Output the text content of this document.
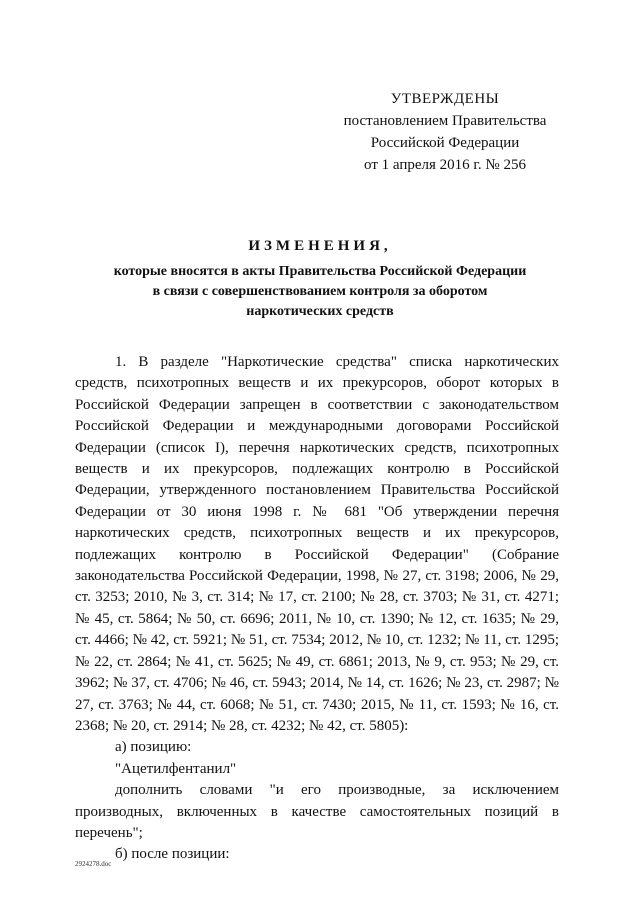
УТВЕРЖДЕНЫ
постановлением Правительства
Российской Федерации
от 1 апреля 2016 г. № 256
ИЗМЕНЕНИЯ,
которые вносятся в акты Правительства Российской Федерации
в связи с совершенствованием контроля за оборотом
наркотических средств

1. В разделе "Наркотические средства" списка наркотических средств, психотропных веществ и их прекурсоров, оборот которых в Российской Федерации запрещен в соответствии с законодательством Российской Федерации и международными договорами Российской Федерации (список I), перечня наркотических средств, психотропных веществ и их прекурсоров, подлежащих контролю в Российской Федерации, утвержденного постановлением Правительства Российской Федерации от 30 июня 1998 г. № 681 "Об утверждении перечня наркотических средств, психотропных веществ и их прекурсоров, подлежащих контролю в Российской Федерации" (Собрание законодательства Российской Федерации, 1998, № 27, ст. 3198; 2006, № 29, ст. 3253; 2010, № 3, ст. 314; № 17, ст. 2100; № 28, ст. 3703; № 31, ст. 4271; № 45, ст. 5864; № 50, ст. 6696; 2011, № 10, ст. 1390; № 12, ст. 1635; № 29, ст. 4466; № 42, ст. 5921; № 51, ст. 7534; 2012, № 10, ст. 1232; № 11, ст. 1295; № 22, ст. 2864; № 41, ст. 5625; № 49, ст. 6861; 2013, № 9, ст. 953; № 29, ст. 3962; № 37, ст. 4706; № 46, ст. 5943; 2014, № 14, ст. 1626; № 23, ст. 2987; № 27, ст. 3763; № 44, ст. 6068; № 51, ст. 7430; 2015, № 11, ст. 1593; № 16, ст. 2368; № 20, ст. 2914; № 28, ст. 4232; № 42, ст. 5805):

а) позицию:

"Ацетилфентанил"

дополнить словами "и его производные, за исключением производных, включенных в качестве самостоятельных позиций в перечень";

б) после позиции:

2924278.doc
